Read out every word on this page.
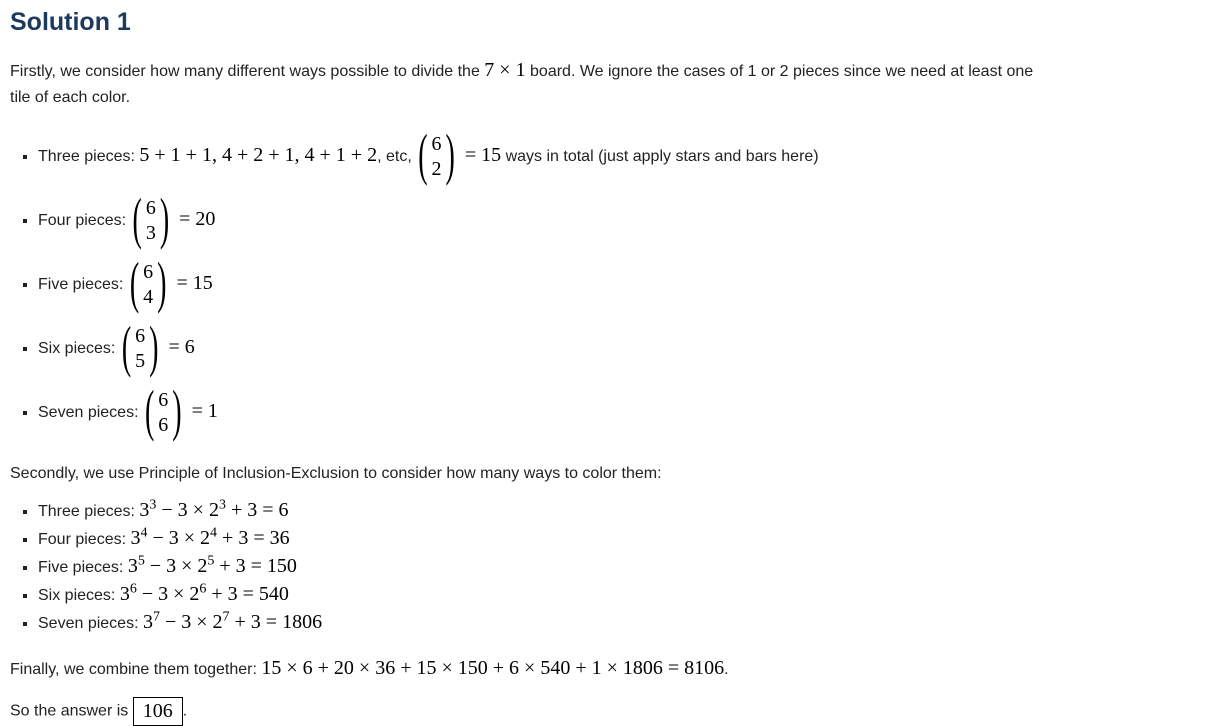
Solution 1

Firstly, we consider how many different ways possible to divide the 7 × 1 board. We ignore the cases of 1 or 2 pieces since we need at least one
tile of each color.

▪ Three pieces: 5 + 1 + 1, 4 + 2 + 1, 4 + 1 + 2, etc, ( 6
2 ) = 15 ways in total (just apply stars and bars here)
▪ Four pieces: ( 6
3 ) = 20
▪ Five pieces: ( 6
4 ) = 15
▪ Six pieces: ( 6
5 ) = 6
▪ Seven pieces: ( 6
6 ) = 1

Secondly, we use Principle of Inclusion-Exclusion to consider how many ways to color them:

▪ Three pieces: $3^3 - 3 \times 2^3 + 3 = 6$
▪ Four pieces: $3^4 - 3 \times 2^4 + 3 = 36$
▪ Five pieces: $3^5 - 3 \times 2^5 + 3 = 150$
▪ Six pieces: $3^6 - 3 \times 2^6 + 3 = 540$
▪ Seven pieces: $3^7 - 3 \times 2^7 + 3 = 1806$

Finally, we combine them together: 15 × 6 + 20 × 36 + 15 × 150 + 6 × 540 + 1 × 1806 = 8106.

So the answer is 106 .
